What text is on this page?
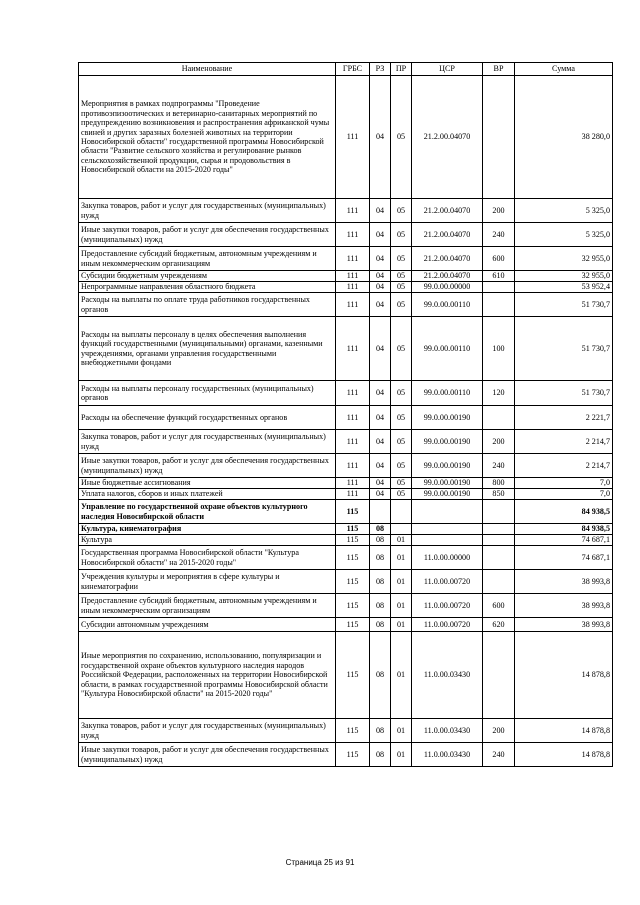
Наименование	ГРБС	РЗ	ПР	ЦСР	ВР	Сумма
Мероприятия в рамках подпрограммы "Проведение противоэпизоотических и ветеринарно-санитарных мероприятий по предупреждению возникновения и распространения африканской чумы свиней и других заразных болезней животных на территории Новосибирской области" государственной программы Новосибирской области "Развитие сельского хозяйства и регулирование рынков сельскохозяйственной продукции, сырья и продовольствия в Новосибирской области на 2015-2020 годы"	111	04	05	21.2.00.04070		38 280,0
Закупка товаров, работ и услуг для государственных (муниципальных) нужд	111	04	05	21.2.00.04070	200	5 325,0
Иные закупки товаров, работ и услуг для обеспечения государственных (муниципальных) нужд	111	04	05	21.2.00.04070	240	5 325,0
Предоставление субсидий бюджетным, автономным учреждениям и иным некоммерческим организациям	111	04	05	21.2.00.04070	600	32 955,0
Субсидии бюджетным учреждениям	111	04	05	21.2.00.04070	610	32 955,0
Непрограммные направления областного бюджета	111	04	05	99.0.00.00000		53 952,4
Расходы на выплаты по оплате труда работников государственных органов	111	04	05	99.0.00.00110		51 730,7
Расходы на выплаты персоналу в целях обеспечения выполнения функций государственными (муниципальными) органами, казенными учреждениями, органами управления государственными внебюджетными фондами	111	04	05	99.0.00.00110	100	51 730,7
Расходы на выплаты персоналу государственных (муниципальных) органов	111	04	05	99.0.00.00110	120	51 730,7
Расходы на обеспечение функций государственных органов	111	04	05	99.0.00.00190		2 221,7
Закупка товаров, работ и услуг для государственных (муниципальных) нужд	111	04	05	99.0.00.00190	200	2 214,7
Иные закупки товаров, работ и услуг для обеспечения государственных (муниципальных) нужд	111	04	05	99.0.00.00190	240	2 214,7
Иные бюджетные ассигнования	111	04	05	99.0.00.00190	800	7,0
Уплата налогов, сборов и иных платежей	111	04	05	99.0.00.00190	850	7,0
Управление по государственной охране объектов культурного наследия Новосибирской области	115					84 938,5
Культура, кинематография	115	08				84 938,5
Культура	115	08	01			74 687,1
Государственная программа Новосибирской области "Культура Новосибирской области" на 2015-2020 годы"	115	08	01	11.0.00.00000		74 687,1
Учреждения культуры и мероприятия в сфере культуры и кинематографии	115	08	01	11.0.00.00720		38 993,8
Предоставление субсидий бюджетным, автономным учреждениям и иным некоммерческим организациям	115	08	01	11.0.00.00720	600	38 993,8
Субсидии автономным учреждениям	115	08	01	11.0.00.00720	620	38 993,8
Иные мероприятия по сохранению, использованию, популяризации и государственной охране объектов культурного наследия народов Российской Федерации, расположенных на территории Новосибирской области, в рамках государственной программы Новосибирской области "Культура Новосибирской области" на 2015-2020 годы"	115	08	01	11.0.00.03430		14 878,8
Закупка товаров, работ и услуг для государственных (муниципальных) нужд	115	08	01	11.0.00.03430	200	14 878,8
Иные закупки товаров, работ и услуг для обеспечения государственных (муниципальных) нужд	115	08	01	11.0.00.03430	240	14 878,8
Страница 25 из 91
